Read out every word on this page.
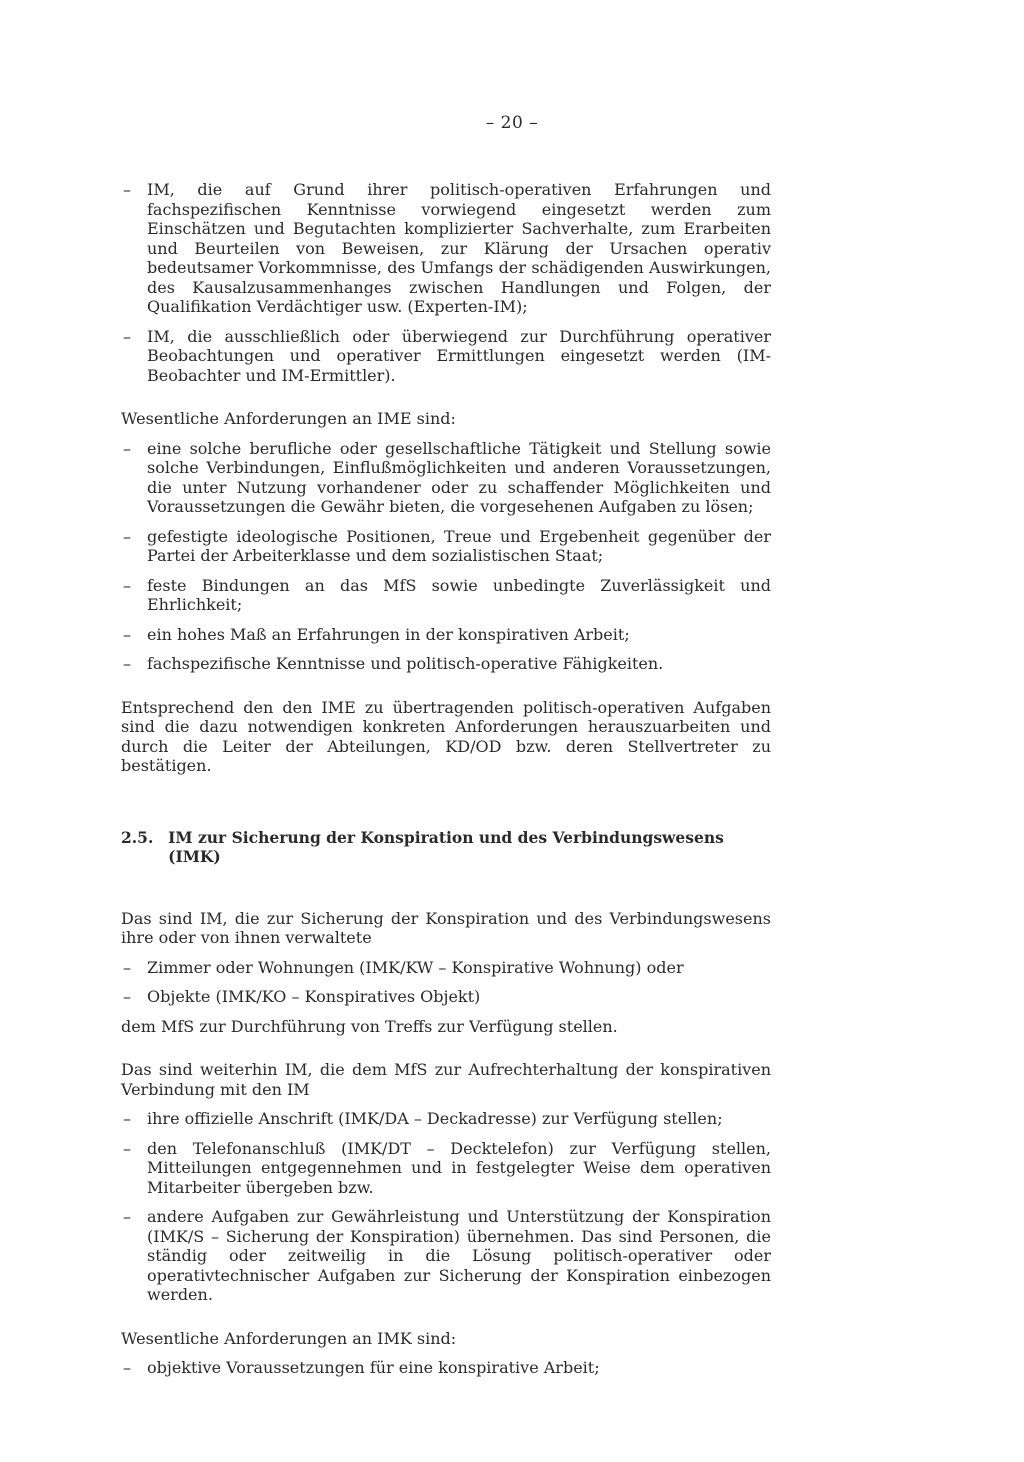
– 20 –
– IM, die auf Grund ihrer politisch-operativen Erfahrungen und fachspezifischen Kenntnisse vorwiegend eingesetzt werden zum Einschätzen und Begutachten komplizierter Sachverhalte, zum Erarbeiten und Beurteilen von Beweisen, zur Klärung der Ursachen operativ bedeutsamer Vorkommnisse, des Umfangs der schädigenden Auswirkungen, des Kausalzusammenhanges zwischen Handlungen und Folgen, der Qualifikation Verdächtiger usw. (Experten-IM);
– IM, die ausschließlich oder überwiegend zur Durchführung operativer Beobachtungen und operativer Ermittlungen eingesetzt werden (IM-Beobachter und IM-Ermittler).

Wesentliche Anforderungen an IME sind:

– eine solche berufliche oder gesellschaftliche Tätigkeit und Stellung sowie solche Verbindungen, Einflußmöglichkeiten und anderen Voraussetzungen, die unter Nutzung vorhandener oder zu schaffender Möglichkeiten und Voraussetzungen die Gewähr bieten, die vorgesehenen Aufgaben zu lösen;
– gefestigte ideologische Positionen, Treue und Ergebenheit gegenüber der Partei der Arbeiterklasse und dem sozialistischen Staat;
– feste Bindungen an das MfS sowie unbedingte Zuverlässigkeit und Ehrlichkeit;
– ein hohes Maß an Erfahrungen in der konspirativen Arbeit;
– fachspezifische Kenntnisse und politisch-operative Fähigkeiten.

Entsprechend den den IME zu übertragenden politisch-operativen Aufgaben sind die dazu notwendigen konkreten Anforderungen herauszuarbeiten und durch die Leiter der Abteilungen, KD/OD bzw. deren Stellvertreter zu bestätigen.

2.5. IM zur Sicherung der Konspiration und des Verbindungswesens (IMK)

Das sind IM, die zur Sicherung der Konspiration und des Verbindungswesens ihre oder von ihnen verwaltete

– Zimmer oder Wohnungen (IMK/KW – Konspirative Wohnung) oder
– Objekte (IMK/KO – Konspiratives Objekt)

dem MfS zur Durchführung von Treffs zur Verfügung stellen.

Das sind weiterhin IM, die dem MfS zur Aufrechterhaltung der konspirativen Verbindung mit den IM

– ihre offizielle Anschrift (IMK/DA – Deckadresse) zur Verfügung stellen;
– den Telefonanschluß (IMK/DT – Decktelefon) zur Verfügung stellen, Mitteilungen entgegennehmen und in festgelegter Weise dem operativen Mitarbeiter übergeben bzw.
– andere Aufgaben zur Gewährleistung und Unterstützung der Konspiration (IMK/S – Sicherung der Konspiration) übernehmen. Das sind Personen, die ständig oder zeitweilig in die Lösung politisch-operativer oder operativtechnischer Aufgaben zur Sicherung der Konspiration einbezogen werden.

Wesentliche Anforderungen an IMK sind:

– objektive Voraussetzungen für eine konspirative Arbeit;
